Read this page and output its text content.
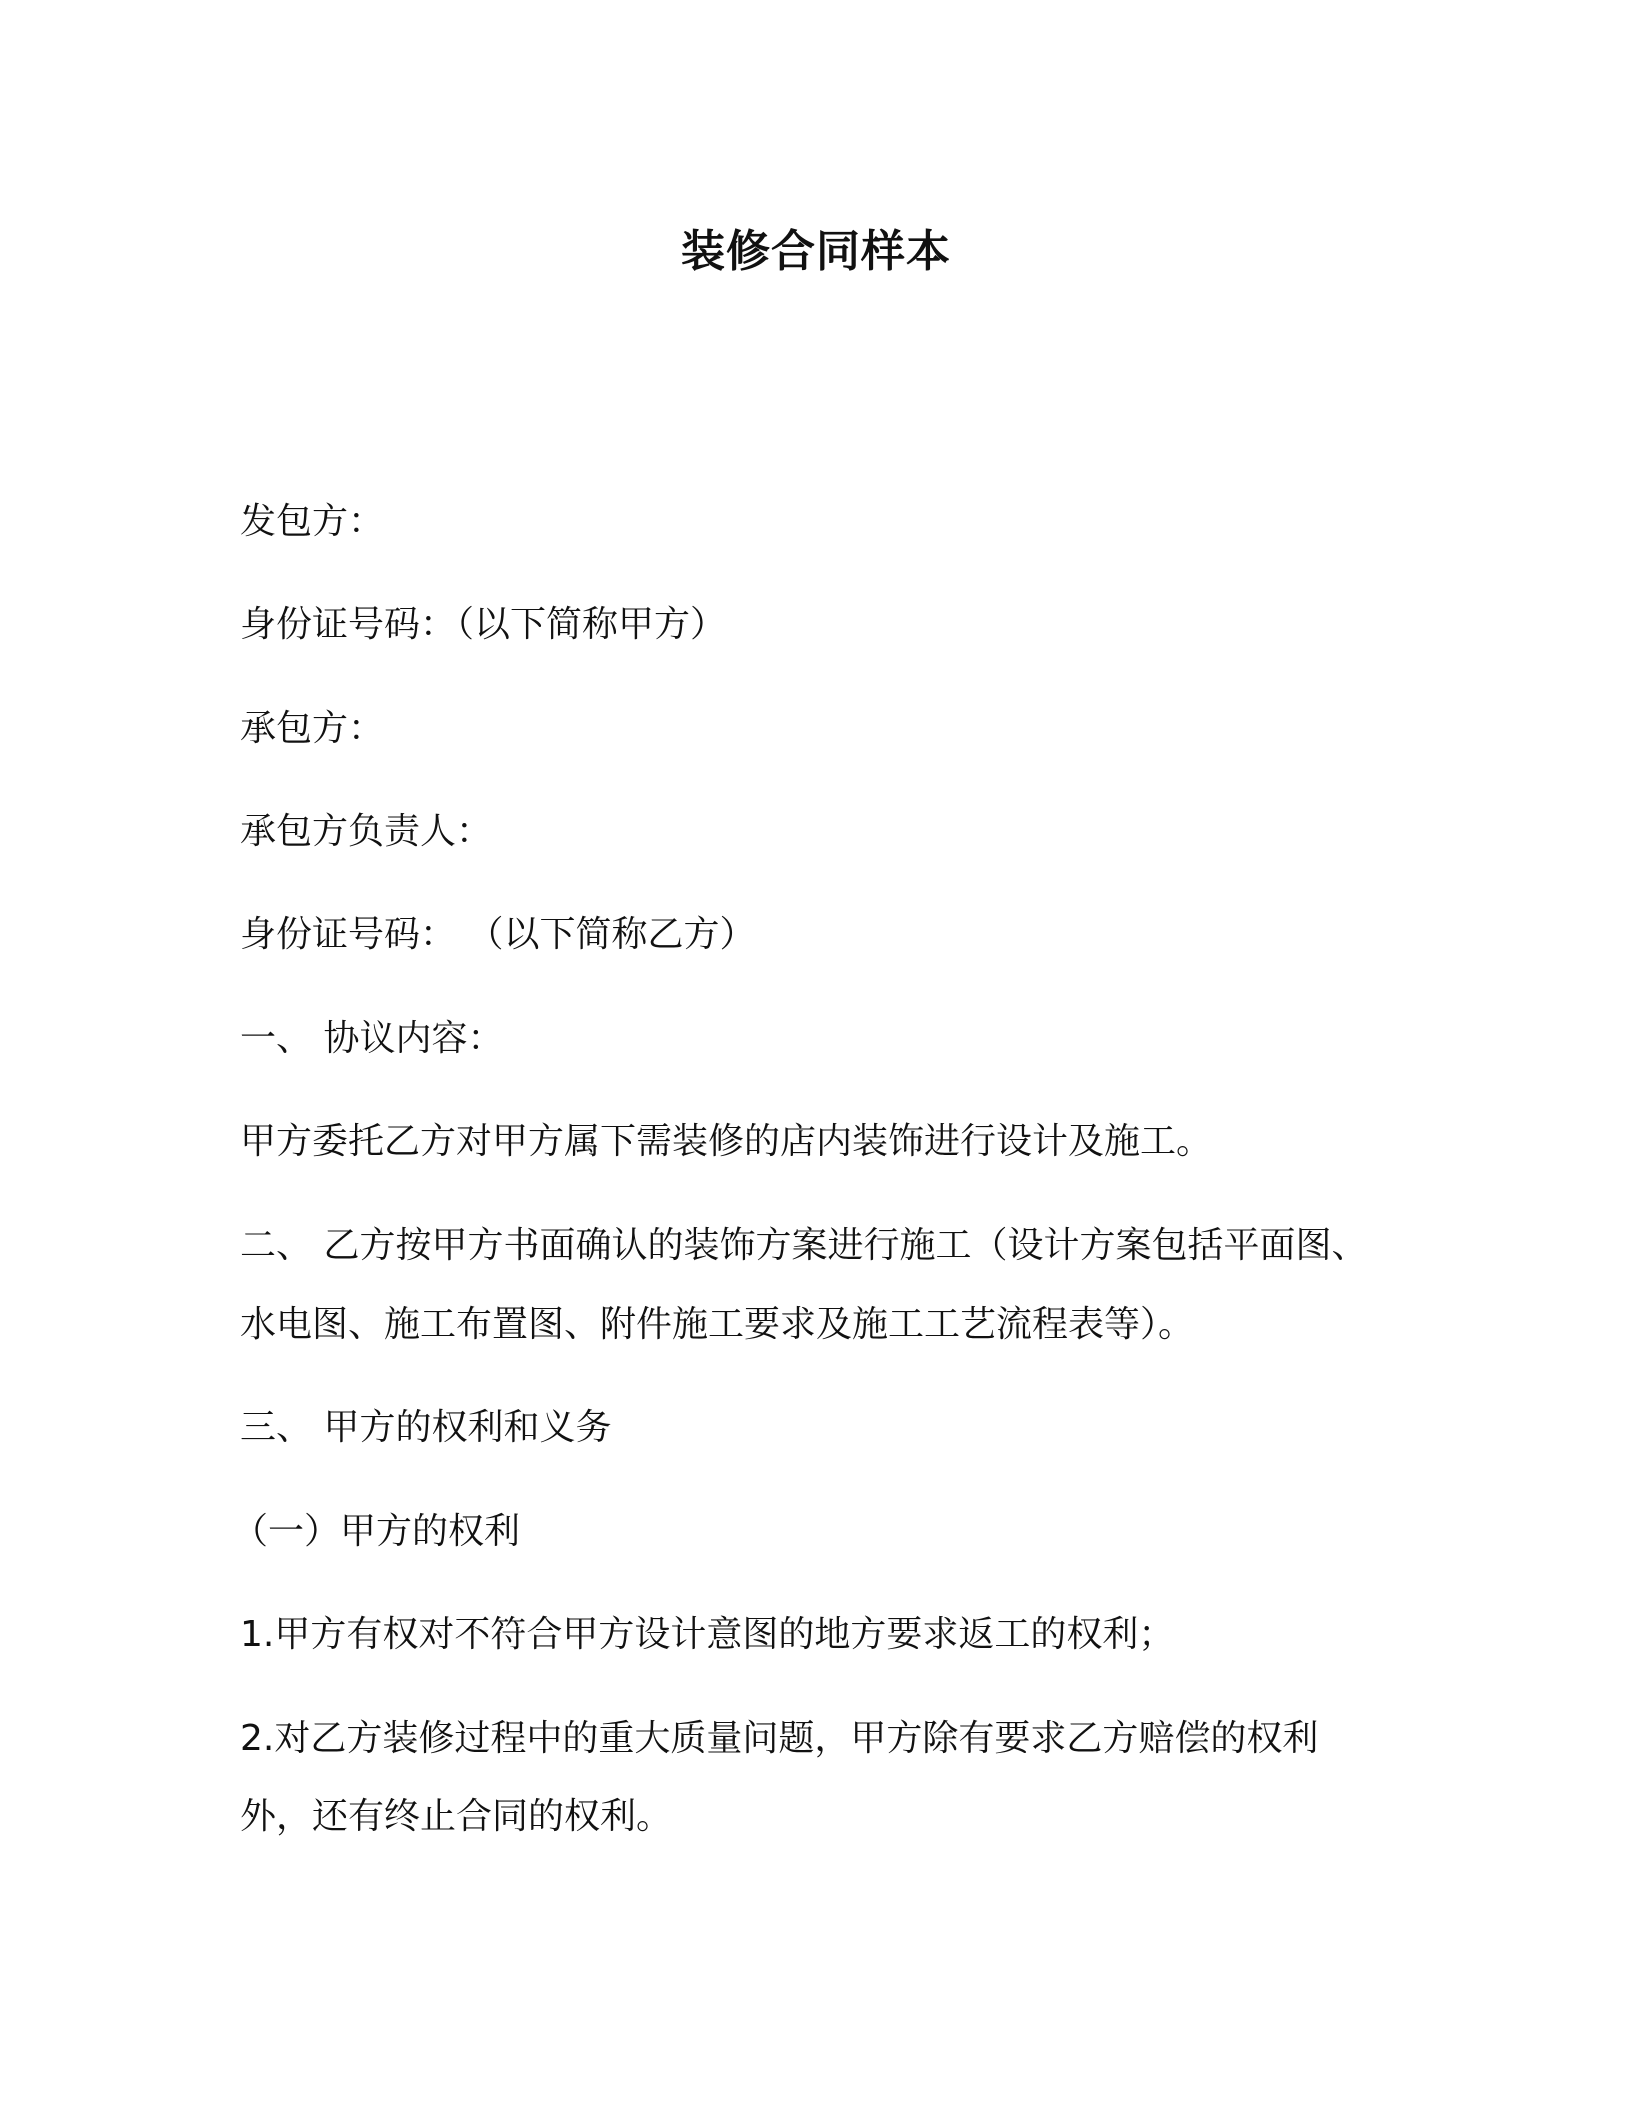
装修合同样本
发包方：
身份证号码：（以下简称甲方）
承包方：
承包方负责人：
身份证号码： （以下简称乙方）
一、 协议内容：
甲方委托乙方对甲方属下需装修的店内装饰进行设计及施工。
二、 乙方按甲方书面确认的装饰方案进行施工（设计方案包括平面图、
水电图、施工布置图、附件施工要求及施工工艺流程表等）。
三、 甲方的权利和义务
（一）甲方的权利
1.甲方有权对不符合甲方设计意图的地方要求返工的权利；
2.对乙方装修过程中的重大质量问题，甲方除有要求乙方赔偿的权利
外，还有终止合同的权利。
